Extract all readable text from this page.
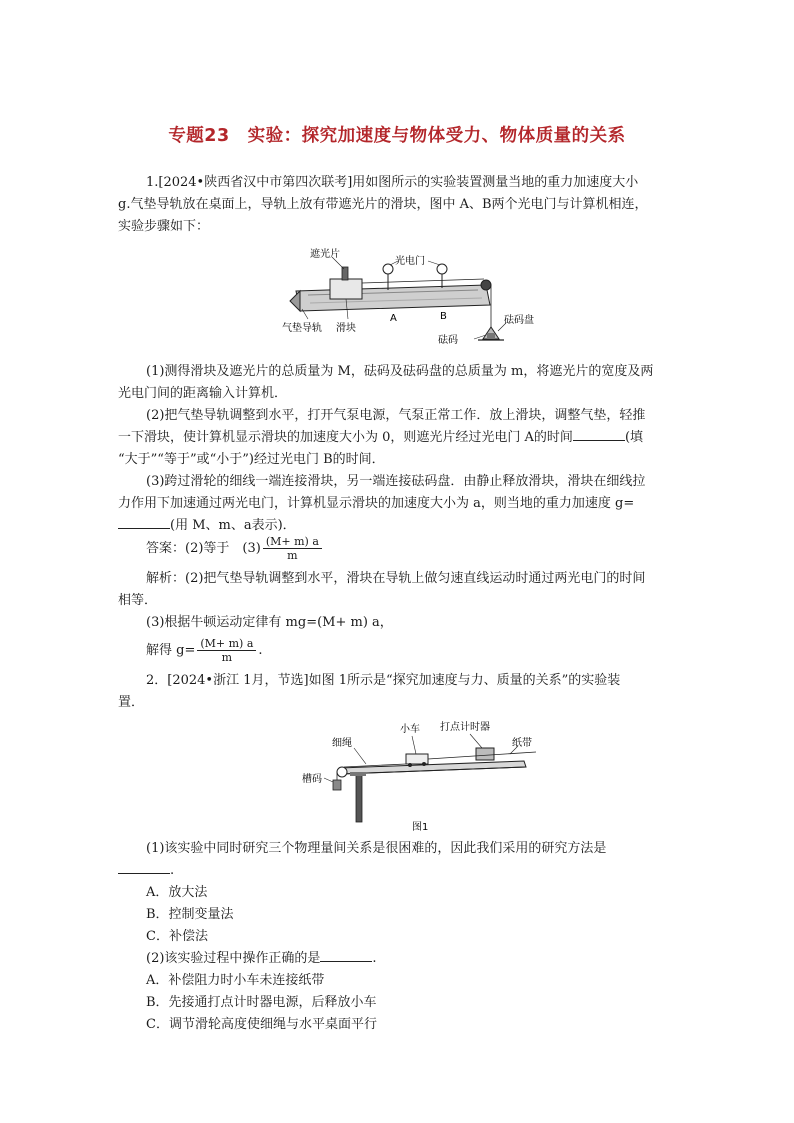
专题23　实验：探究加速度与物体受力、物体质量的关系
1.[2024•陕西省汉中市第四次联考]用如图所示的实验装置测量当地的重力加速度大小
g.气垫导轨放在桌面上，导轨上放有带遮光片的滑块，图中 A、B两个光电门与计算机相连，
实验步骤如下：
遮光片
光电门
气垫导轨 滑块
A	B
砝码
砝码盘
(1)测得滑块及遮光片的总质量为 M，砝码及砝码盘的总质量为 m，将遮光片的宽度及两
光电门间的距离输入计算机．
(2)把气垫导轨调整到水平，打开气泵电源，气泵正常工作．放上滑块，调整气垫，轻推
一下滑块，使计算机显示滑块的加速度大小为 0，则遮光片经过光电门 A的时间	(填
“大于”“等于”或“小于”)经过光电门 B的时间．
(3)跨过滑轮的细线一端连接滑块，另一端连接砝码盘．由静止释放滑块，滑块在细线拉
力作用下加速通过两光电门，计算机显示滑块的加速度大小为 a，则当地的重力加速度 g=
(用 M、m、a表示)．
答案：(2)等于　$(3) \frac{(M+ m) a}{m}$
解析：(2)把气垫导轨调整到水平，滑块在导轨上做匀速直线运动时通过两光电门的时间
相等．
(3)根据牛顿运动定律有 mg=(M+ m) a，
解得 $g= \frac{(M+ m) a}{m}$ .
2．[2024•浙江 1月，节选]如图 1所示是“探究加速度与力、质量的关系”的实验装
置．
细绳
小车 打点计时器
纸带
槽码
图1
(1)该实验中同时研究三个物理量间关系是很困难的，因此我们采用的研究方法是
.
A．放大法
B．控制变量法
C．补偿法
(2)该实验过程中操作正确的是	.
A．补偿阻力时小车未连接纸带
B．先接通打点计时器电源，后释放小车
C．调节滑轮高度使细绳与水平桌面平行
